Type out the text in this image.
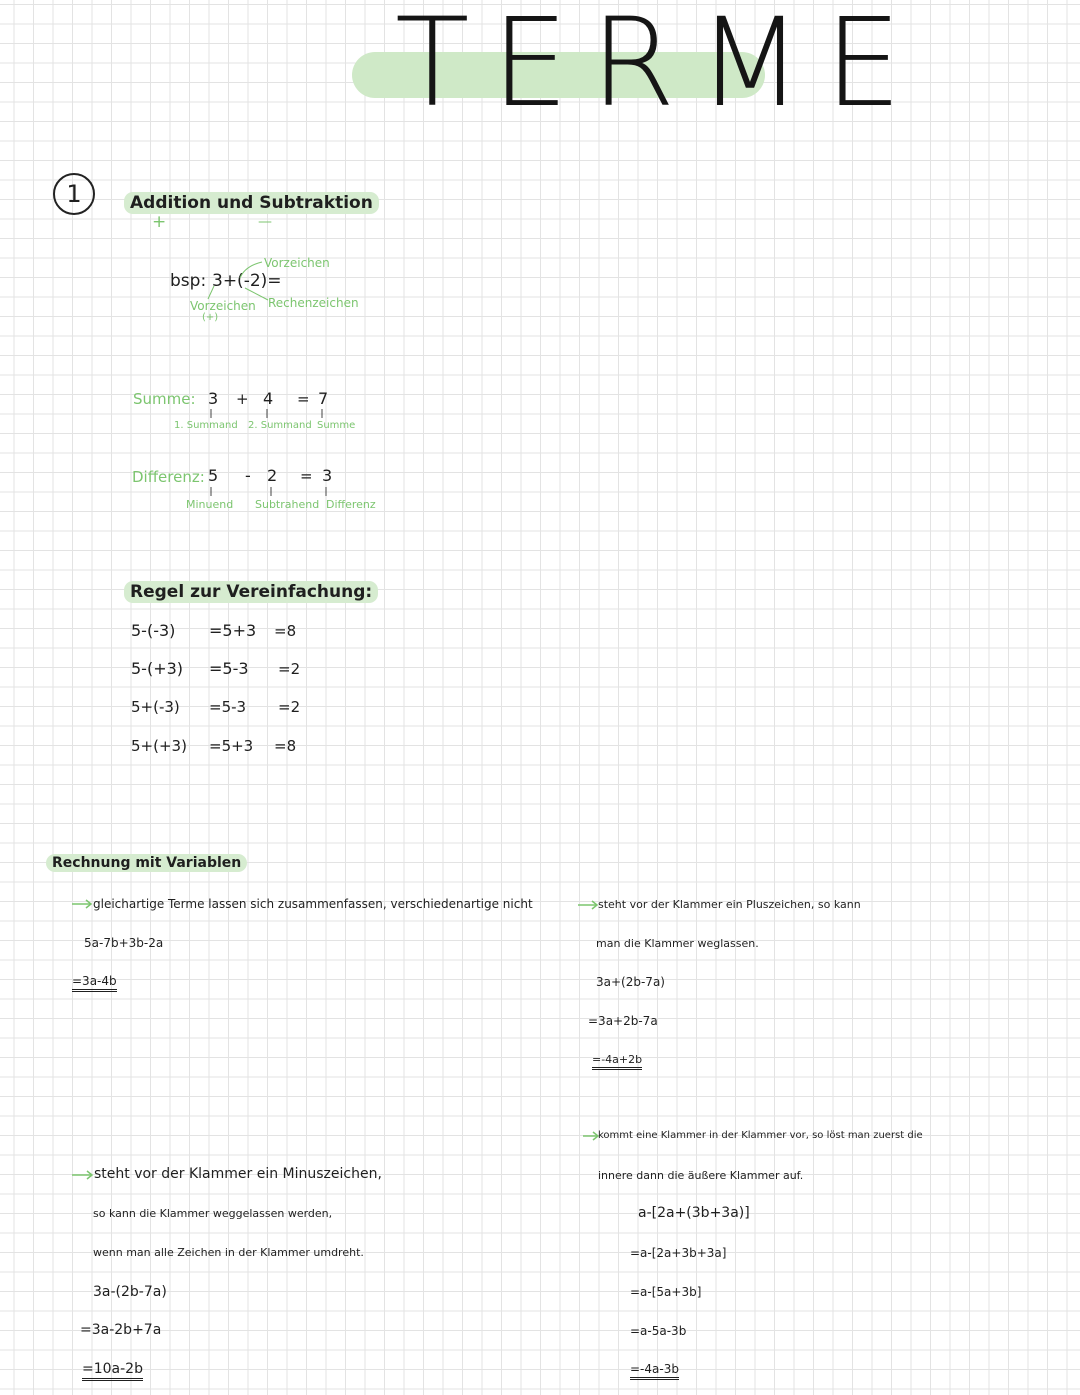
TERME
1	Addition und Subtraktion
+	—
Vorzeichen
bsp: 3+(-2)=
Vorzeichen
(+)
Rechenzeichen
Summe: 3 + 4 = 7
1. Summand 2. Summand Summe
Differenz: 5 - 2 = 3
Minuend Subtrahend Differenz
Regel zur Vereinfachung:
5-(-3) =5+3 =8
5-(+3) =5-3 =2
5+(-3) =5-3 =2
5+(+3) =5+3 =8
Rechnung mit Variablen
gleichartige Terme lassen sich zusammenfassen, verschiedenartige nicht
5a-7b+3b-2a
=3a-4b
steht vor der Klammer ein Pluszeichen, so kann
man die Klammer weglassen.
3a+(2b-7a)
=3a+2b-7a
=-4a+2b
steht vor der Klammer ein Minuszeichen,
so kann die Klammer weggelassen werden,
wenn man alle Zeichen in der Klammer umdreht.
3a-(2b-7a)
=3a-2b+7a
=10a-2b
kommt eine Klammer in der Klammer vor, so löst man zuerst die
innere dann die äußere Klammer auf.
a-[2a+(3b+3a)]
=a-[2a+3b+3a]
=a-[5a+3b]
=a-5a-3b
=-4a-3b
